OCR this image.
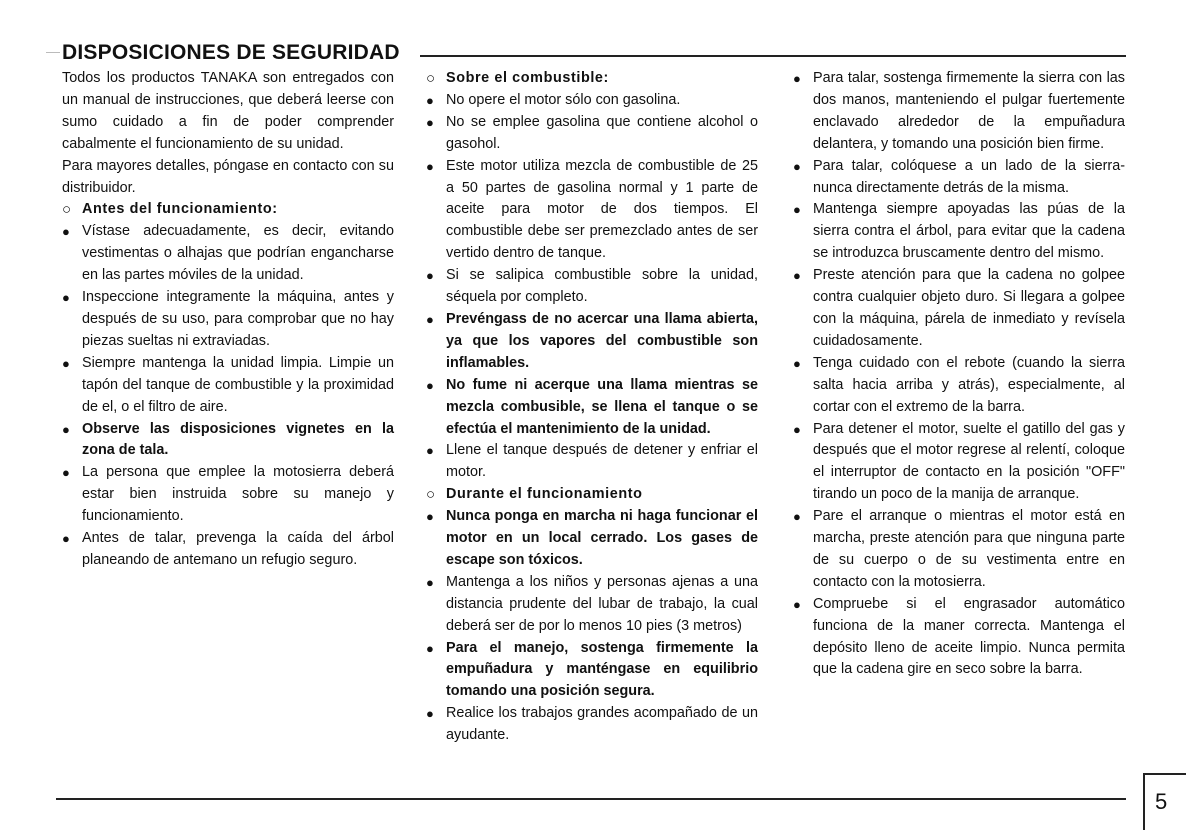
DISPOSICIONES DE SEGURIDAD

Todos los productos TANAKA son entregados con un manual de instrucciones, que deberá leerse con sumo cuidado a fin de poder comprender cabalmente el funcionamiento de su unidad.

Para mayores detalles, póngase en contacto con su distribuidor.

○ Antes del funcionamiento:
● Vístase adecuadamente, es decir, evitando vestimentas o alhajas que podrían engancharse en las partes móviles de la unidad.
● Inspeccione integramente la máquina, antes y después de su uso, para comprobar que no hay piezas sueltas ni extraviadas.
● Siempre mantenga la unidad limpia. Limpie un tapón del tanque de combustible y la proximidad de el, o el filtro de aire.
● Observe las disposiciones vignetes en la zona de tala.
● La persona que emplee la motosierra deberá estar bien instruida sobre su manejo y funcionamiento.
● Antes de talar, prevenga la caída del árbol planeando de antemano un refugio seguro.
○ Sobre el combustible:
● No opere el motor sólo con gasolina.
● No se emplee gasolina que contiene alcohol o gasohol.
● Este motor utiliza mezcla de combustible de 25 a 50 partes de gasolina normal y 1 parte de aceite para motor de dos tiempos. El combustible debe ser premezclado antes de ser vertido dentro de tanque.
● Si se salipica combustible sobre la unidad, séquela por completo.
● Prevéngass de no acercar una llama abierta, ya que los vapores del combustible son inflamables.
● No fume ni acerque una llama mientras se mezcla combusible, se llena el tanque o se efectúa el mantenimiento de la unidad.
● Llene el tanque después de detener y enfriar el motor.
○ Durante el funcionamiento
● Nunca ponga en marcha ni haga funcionar el motor en un local cerrado. Los gases de escape son tóxicos.
● Mantenga a los niños y personas ajenas a una distancia prudente del lubar de trabajo, la cual deberá ser de por lo menos 10 pies (3 metros)
● Para el manejo, sostenga firmemente la empuñadura y manténgase en equilibrio tomando una posición segura.
● Realice los trabajos grandes acompañado de un ayudante.
● Para talar, sostenga firmemente la sierra con las dos manos, manteniendo el pulgar fuertemente enclavado alrededor de la empuñadura delantera, y tomando una posición bien firme.
● Para talar, colóquese a un lado de la sierra-nunca directamente detrás de la misma.
● Mantenga siempre apoyadas las púas de la sierra contra el árbol, para evitar que la cadena se introduzca bruscamente dentro del mismo.
● Preste atención para que la cadena no golpee contra cualquier objeto duro. Si llegara a golpee con la máquina, párela de inmediato y revísela cuidadosamente.
● Tenga cuidado con el rebote (cuando la sierra salta hacia arriba y atrás), especialmente, al cortar con el extremo de la barra.
● Para detener el motor, suelte el gatillo del gas y después que el motor regrese al relentí, coloque el interruptor de contacto en la posición "OFF" tirando un poco de la manija de arranque.
● Pare el arranque o mientras el motor está en marcha, preste atención para que ninguna parte de su cuerpo o de su vestimenta entre en contacto con la motosierra.
● Compruebe si el engrasador automático funciona de la maner correcta. Mantenga el depósito lleno de aceite limpio. Nunca permita que la cadena gire en seco sobre la barra.
5
